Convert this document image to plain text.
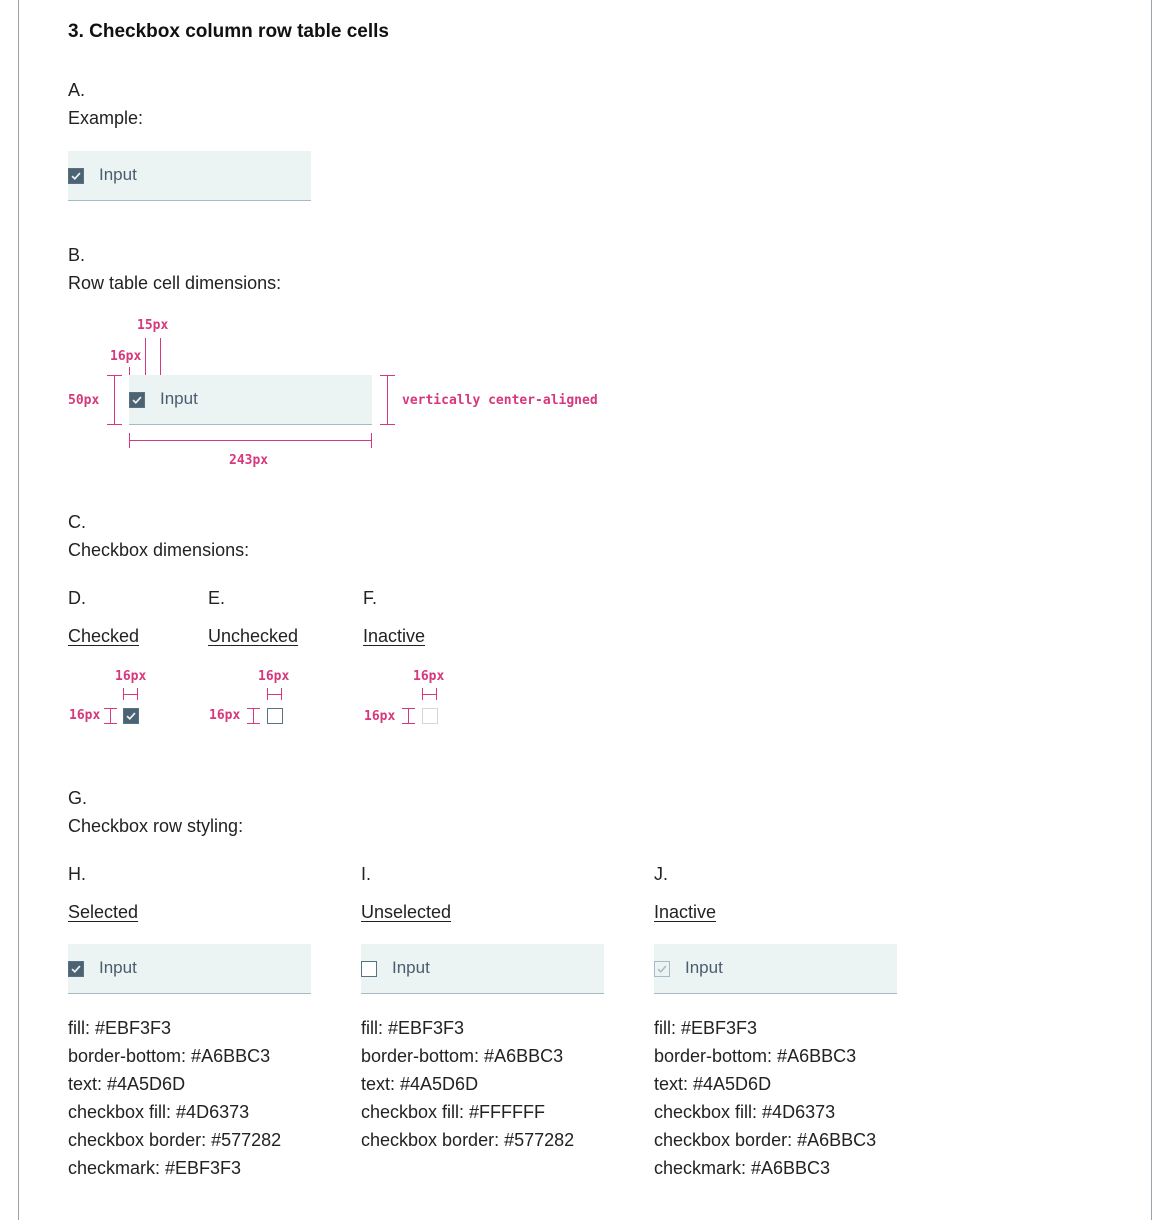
3. Checkbox column row table cells
A.
Example:
Input
B.
Row table cell dimensions:
15px
16px
50px
243px
vertically center-aligned
Input
C.
Checkbox dimensions:
D.
Checked
16px
16px
E.
Unchecked
16px
16px
F.
Inactive
16px
16px
G.
Checkbox row styling:
H.
Selected
Input
fill: #EBF3F3
border-bottom: #A6BBC3
text: #4A5D6D
checkbox fill: #4D6373
checkbox border: #577282
checkmark: #EBF3F3
I.
Unselected
Input
fill: #EBF3F3
border-bottom: #A6BBC3
text: #4A5D6D
checkbox fill: #FFFFFF
checkbox border: #577282
J.
Inactive
Input
fill: #EBF3F3
border-bottom: #A6BBC3
text: #4A5D6D
checkbox fill: #4D6373
checkbox border: #A6BBC3
checkmark: #A6BBC3
